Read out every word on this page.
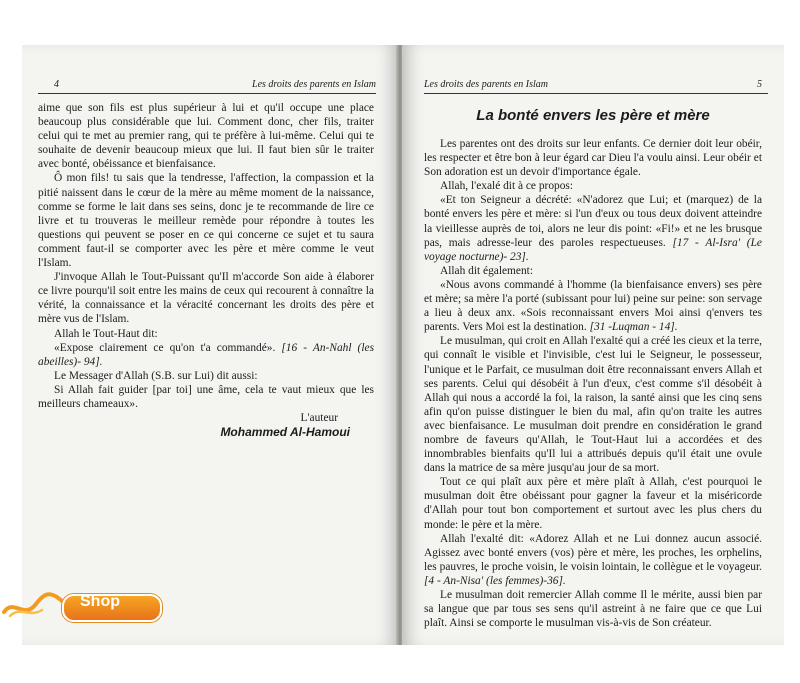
4	Les droits des parents en Islam

aime que son fils est plus supérieur à lui et qu'il occupe une place beaucoup plus considérable que lui. Comment donc, cher fils, traiter celui qui te met au premier rang, qui te préfère à lui-même. Celui qui te souhaite de devenir beaucoup mieux que lui. Il faut bien sûr le traiter avec bonté, obéissance et bienfaisance.

Ô mon fils! tu sais que la tendresse, l'affection, la compassion et la pitié naissent dans le cœur de la mère au même moment de la naissance, comme se forme le lait dans ses seins, donc je te recommande de lire ce livre et tu trouveras le meilleur remède pour répondre à toutes les questions qui peuvent se poser en ce qui concerne ce sujet et tu saura comment faut-il se comporter avec les père et mère comme le veut l'Islam.

J'invoque Allah le Tout-Puissant qu'Il m'accorde Son aide à élaborer ce livre pourqu'il soit entre les mains de ceux qui recourent à connaître la vérité, la connaissance et la véracité concernant les droits des père et mère vus de l'Islam.

Allah le Tout-Haut dit:

«Expose clairement ce qu'on t'a commandé». [16 - An-Nahl (les abeilles)- 94].

Le Messager d'Allah (S.B. sur Lui) dit aussi:

Si Allah fait guider [par toi] une âme, cela te vaut mieux que les meilleurs chameaux».

L'auteur

Mohammed Al-Hamoui

Les droits des parents en Islam	5
La bonté envers les père et mère

Les parentes ont des droits sur leur enfants. Ce dernier doit leur obéir, les respecter et être bon à leur égard car Dieu l'a voulu ainsi. Leur obéir et Son adoration est un devoir d'importance égale.

Allah, l'exalé dit à ce propos:

«Et ton Seigneur a décrété: «N'adorez que Lui; et (marquez) de la bonté envers les père et mère: si l'un d'eux ou tous deux doivent atteindre la vieillesse auprès de toi, alors ne leur dis point: «Fi!» et ne les brusque pas, mais adresse-leur des paroles respectueuses. [17 - Al-Isra' (Le voyage nocturne)- 23].

Allah dit également:

«Nous avons commandé à l'homme (la bienfaisance envers) ses père et mère; sa mère l'a porté (subissant pour lui) peine sur peine: son servage a lieu à deux anx. «Sois reconnaissant envers Moi ainsi q'envers tes parents. Vers Moi est la destination. [31 -Luqman - 14].

Le musulman, qui croit en Allah l'exalté qui a créé les cieux et la terre, qui connaît le visible et l'invisible, c'est lui le Seigneur, le possesseur, l'unique et le Parfait, ce musulman doit être reconnaissant envers Allah et ses parents. Celui qui désobéit à l'un d'eux, c'est comme s'il désobéit à Allah qui nous a accordé la foi, la raison, la santé ainsi que les cinq sens afin qu'on puisse distinguer le bien du mal, afin qu'on traite les autres avec bienfaisance. Le musulman doit prendre en considération le grand nombre de faveurs qu'Allah, le Tout-Haut lui a accordées et des innombrables bienfaits qu'Il lui a attribués depuis qu'il était une ovule dans la matrice de sa mère jusqu'au jour de sa mort.

Tout ce qui plaît aux père et mère plaît à Allah, c'est pourquoi le musulman doit être obéissant pour gagner la faveur et la miséricorde d'Allah pour tout bon comportement et surtout avec les plus chers du monde: le père et la mère.

Allah l'exalté dit: «Adorez Allah et ne Lui donnez aucun associé. Agissez avec bonté envers (vos) père et mère, les proches, les orphelins, les pauvres, le proche voisin, le voisin lointain, le collègue et le voyageur. [4 - An-Nisa' (les femmes)-36].

Le musulman doit remercier Allah comme Il le mérite, aussi bien par sa langue que par tous ses sens qu'il astreint à ne faire que ce que Lui plaît. Ainsi se comporte le musulman vis-à-vis de Son créateur.

Shop
